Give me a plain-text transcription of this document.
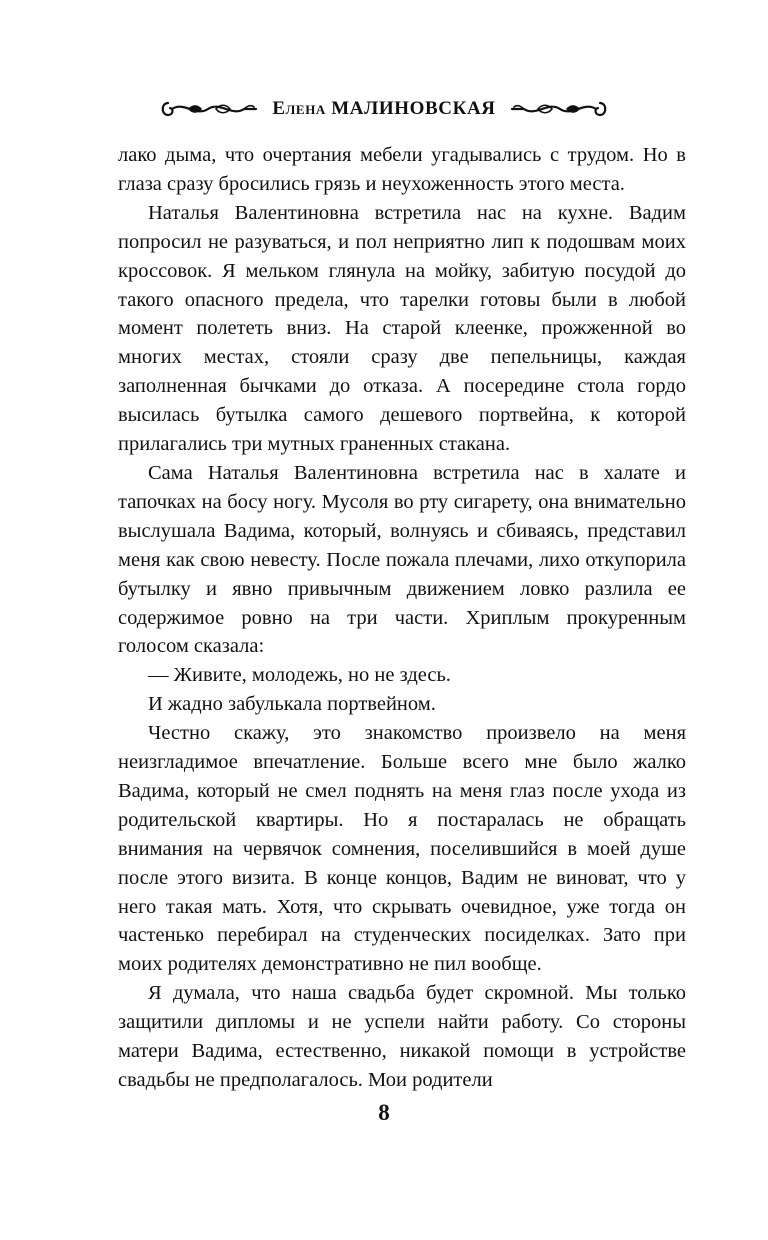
Елена МАЛИНОВСКАЯ

лако дыма, что очертания мебели угадывались с трудом. Но в глаза сразу бросились грязь и неухоженность этого места.

Наталья Валентиновна встретила нас на кухне. Вадим попросил не разуваться, и пол неприятно лип к подошвам моих кроссовок. Я мельком глянула на мойку, забитую посудой до такого опасного предела, что тарелки готовы были в любой момент полететь вниз. На старой клеенке, прожженной во многих местах, стояли сразу две пепельницы, каждая заполненная бычками до отказа. А посередине стола гордо высилась бутылка самого дешевого портвейна, к которой прилагались три мутных граненных стакана.

Сама Наталья Валентиновна встретила нас в халате и тапочках на босу ногу. Мусоля во рту сигарету, она внимательно выслушала Вадима, который, волнуясь и сбиваясь, представил меня как свою невесту. После пожала плечами, лихо откупорила бутылку и явно привычным движением ловко разлила ее содержимое ровно на три части. Хриплым прокуренным голосом сказала:

— Живите, молодежь, но не здесь.

И жадно забулькала портвейном.

Честно скажу, это знакомство произвело на меня неизгладимое впечатление. Больше всего мне было жалко Вадима, который не смел поднять на меня глаз после ухода из родительской квартиры. Но я постаралась не обращать внимания на червячок сомнения, поселившийся в моей душе после этого визита. В конце концов, Вадим не виноват, что у него такая мать. Хотя, что скрывать очевидное, уже тогда он частенько перебирал на студенческих посиделках. Зато при моих родителях демонстративно не пил вообще.

Я думала, что наша свадьба будет скромной. Мы только защитили дипломы и не успели найти работу. Со стороны матери Вадима, естественно, никакой помощи в устройстве свадьбы не предполагалось. Мои родители

8
